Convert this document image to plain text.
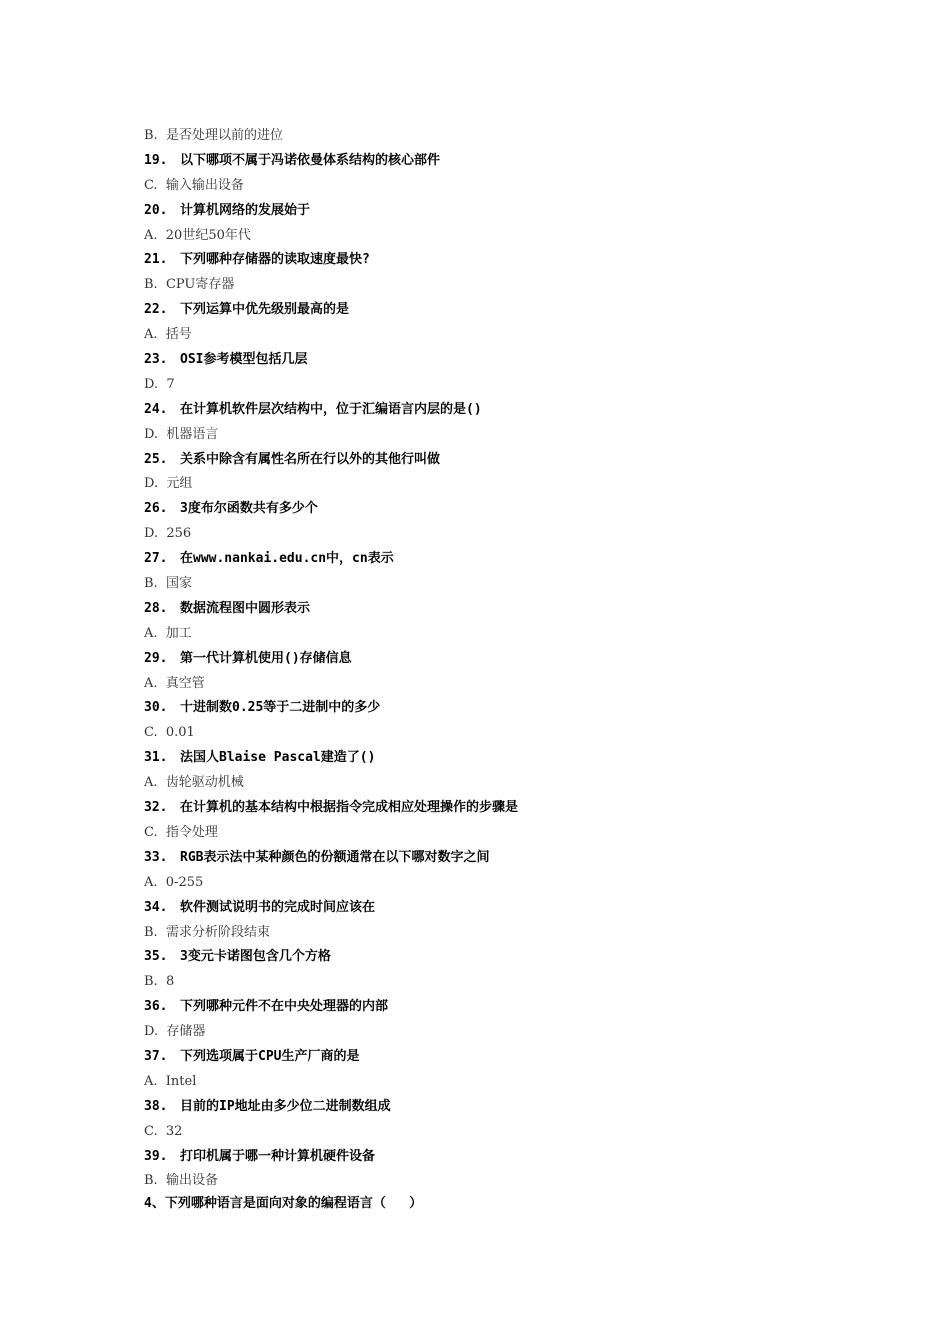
B.  是否处理以前的进位
19. 以下哪项不属于冯诺依曼体系结构的核心部件
C.  输入输出设备
20. 计算机网络的发展始于
A.  20世纪50年代
21. 下列哪种存储器的读取速度最快?
B.  CPU寄存器
22. 下列运算中优先级别最高的是
A.  括号
23. OSI参考模型包括几层
D.  7
24. 在计算机软件层次结构中，位于汇编语言内层的是()
D.  机器语言
25. 关系中除含有属性名所在行以外的其他行叫做
D.  元组
26. 3度布尔函数共有多少个
D.  256
27. 在www.nankai.edu.cn中，cn表示
B.  国家
28. 数据流程图中圆形表示
A.  加工
29. 第一代计算机使用()存储信息
A.  真空管
30. 十进制数0.25等于二进制中的多少
C.  0.01
31. 法国人Blaise Pascal建造了()
A.  齿轮驱动机械
32. 在计算机的基本结构中根据指令完成相应处理操作的步骤是
C.  指令处理
33. RGB表示法中某种颜色的份额通常在以下哪对数字之间
A.  0-255
34. 软件测试说明书的完成时间应该在
B.  需求分析阶段结束
35. 3变元卡诺图包含几个方格
B.  8
36. 下列哪种元件不在中央处理器的内部
D.  存储器
37. 下列选项属于CPU生产厂商的是
A.  Intel
38. 目前的IP地址由多少位二进制数组成
C.  32
39. 打印机属于哪一种计算机硬件设备
B.  输出设备
4、下列哪种语言是面向对象的编程语言（   ）
